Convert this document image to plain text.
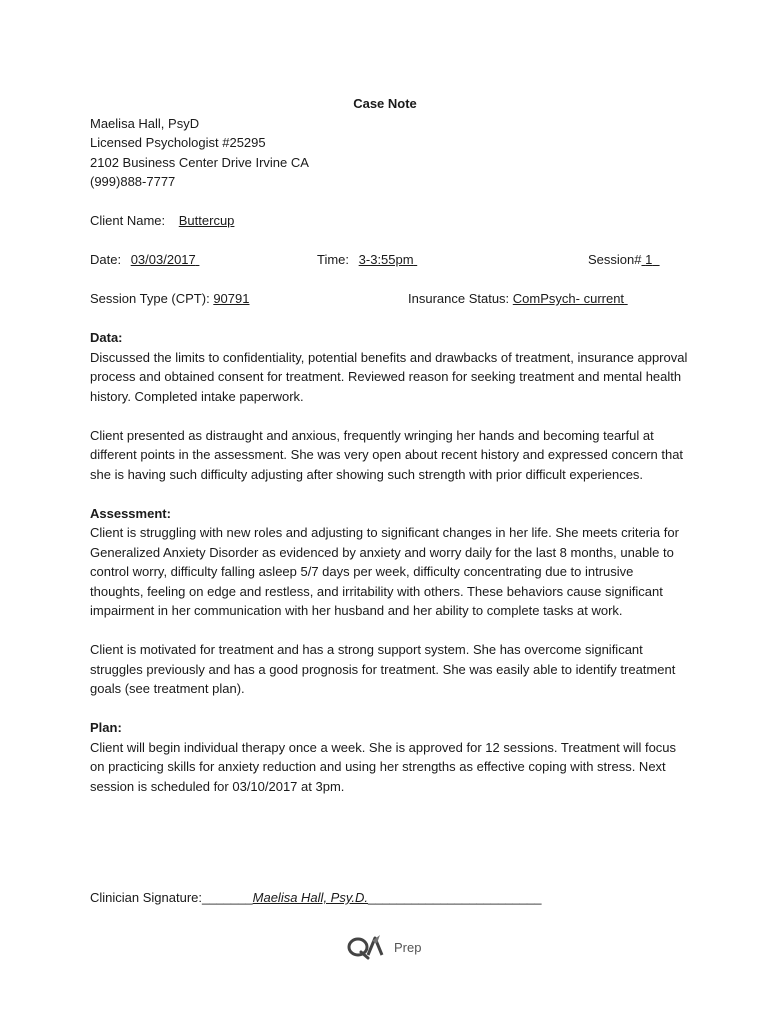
Case Note

Maelisa Hall, PsyD

Licensed Psychologist #25295

2102 Business Center Drive Irvine CA

(999)888-7777

Client Name: Buttercup
Date: 03/03/2017	Time: 3-3:55pm	Session# 1
Session Type (CPT): 90791	Insurance Status: ComPsych- current

Data:

Discussed the limits to confidentiality, potential benefits and drawbacks of treatment, insurance approval process and obtained consent for treatment. Reviewed reason for seeking treatment and mental health history. Completed intake paperwork.

Client presented as distraught and anxious, frequently wringing her hands and becoming tearful at different points in the assessment. She was very open about recent history and expressed concern that she is having such difficulty adjusting after showing such strength with prior difficult experiences.

Assessment:

Client is struggling with new roles and adjusting to significant changes in her life. She meets criteria for Generalized Anxiety Disorder as evidenced by anxiety and worry daily for the last 8 months, unable to control worry, difficulty falling asleep 5/7 days per week, difficulty concentrating due to intrusive thoughts, feeling on edge and restless, and irritability with others. These behaviors cause significant impairment in her communication with her husband and her ability to complete tasks at work.

Client is motivated for treatment and has a strong support system. She has overcome significant struggles previously and has a good prognosis for treatment. She was easily able to identify treatment goals (see treatment plan).

Plan:

Client will begin individual therapy once a week. She is approved for 12 sessions. Treatment will focus on practicing skills for anxiety reduction and using her strengths as effective coping with stress. Next session is scheduled for 03/10/2017 at 3pm.

Clinician Signature:_______Maelisa Hall, Psy.D.________________________
Prep
